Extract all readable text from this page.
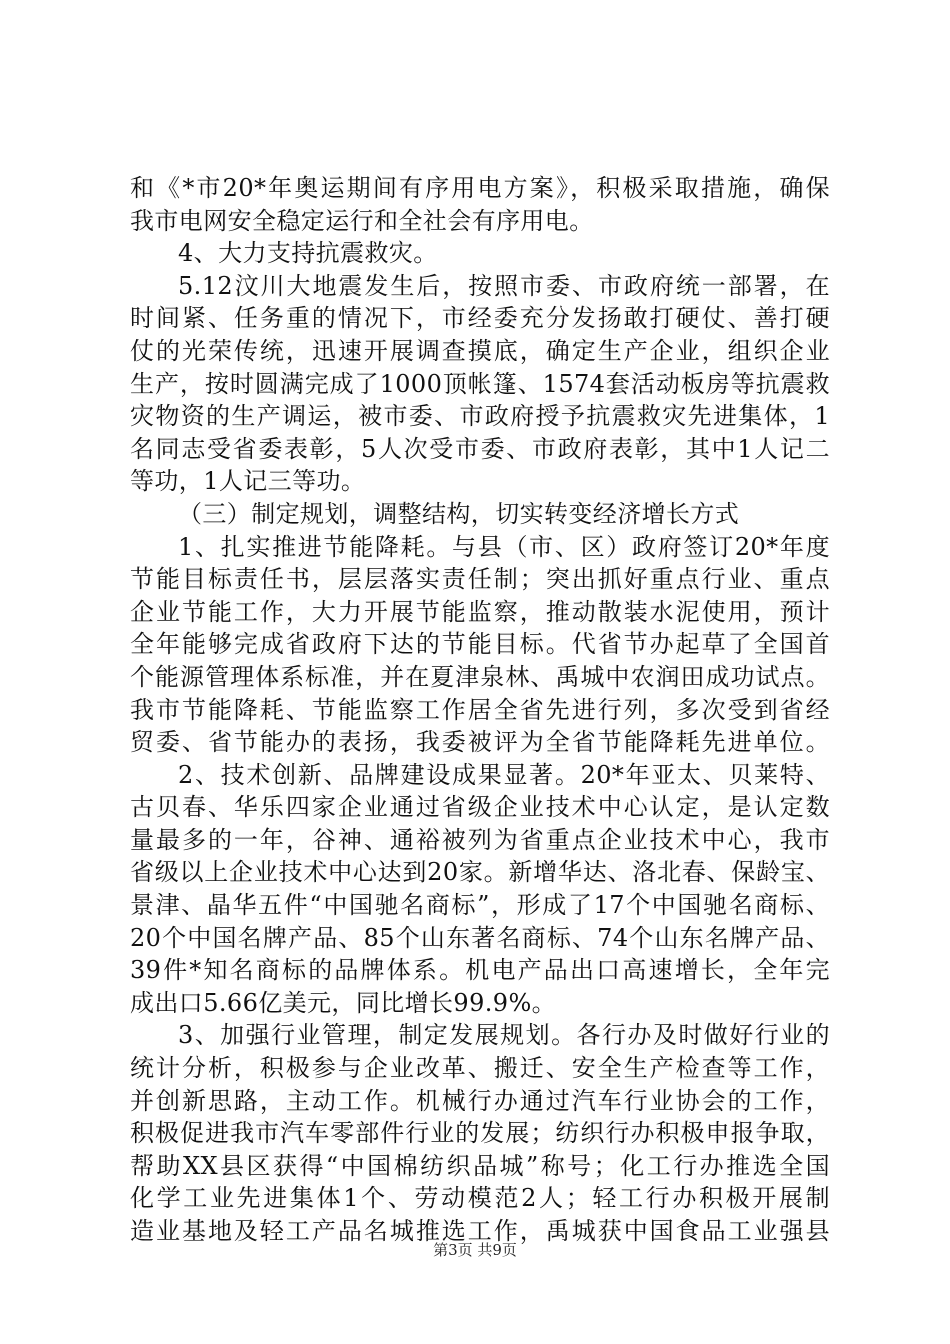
和《*市20*年奥运期间有序用电方案》，积极采取措施，确保
我市电网安全稳定运行和全社会有序用电。
4、大力支持抗震救灾。
5.12汶川大地震发生后，按照市委、市政府统一部署，在
时间紧、任务重的情况下，市经委充分发扬敢打硬仗、善打硬
仗的光荣传统，迅速开展调查摸底，确定生产企业，组织企业
生产，按时圆满完成了1000顶帐篷、1574套活动板房等抗震救
灾物资的生产调运，被市委、市政府授予抗震救灾先进集体，1
名同志受省委表彰，5人次受市委、市政府表彰，其中1人记二
等功，1人记三等功。
（三）制定规划，调整结构，切实转变经济增长方式
1、扎实推进节能降耗。与县（市、区）政府签订20*年度
节能目标责任书，层层落实责任制；突出抓好重点行业、重点
企业节能工作，大力开展节能监察，推动散装水泥使用，预计
全年能够完成省政府下达的节能目标。代省节办起草了全国首
个能源管理体系标准，并在夏津泉林、禹城中农润田成功试点。
我市节能降耗、节能监察工作居全省先进行列，多次受到省经
贸委、省节能办的表扬，我委被评为全省节能降耗先进单位。
2、技术创新、品牌建设成果显著。20*年亚太、贝莱特、
古贝春、华乐四家企业通过省级企业技术中心认定，是认定数
量最多的一年，谷神、通裕被列为省重点企业技术中心，我市
省级以上企业技术中心达到20家。新增华达、洛北春、保龄宝、
景津、晶华五件“中国驰名商标”，形成了17个中国驰名商标、
20个中国名牌产品、85个山东著名商标、74个山东名牌产品、
39件*知名商标的品牌体系。机电产品出口高速增长，全年完
成出口5.66亿美元，同比增长99.9%。
3、加强行业管理，制定发展规划。各行办及时做好行业的
统计分析，积极参与企业改革、搬迁、安全生产检查等工作，
并创新思路，主动工作。机械行办通过汽车行业协会的工作，
积极促进我市汽车零部件行业的发展；纺织行办积极申报争取，
帮助XX县区获得“中国棉纺织品城”称号；化工行办推选全国
化学工业先进集体1个、劳动模范2人；轻工行办积极开展制
造业基地及轻工产品名城推选工作，禹城获中国食品工业强县
第3页 共9页
